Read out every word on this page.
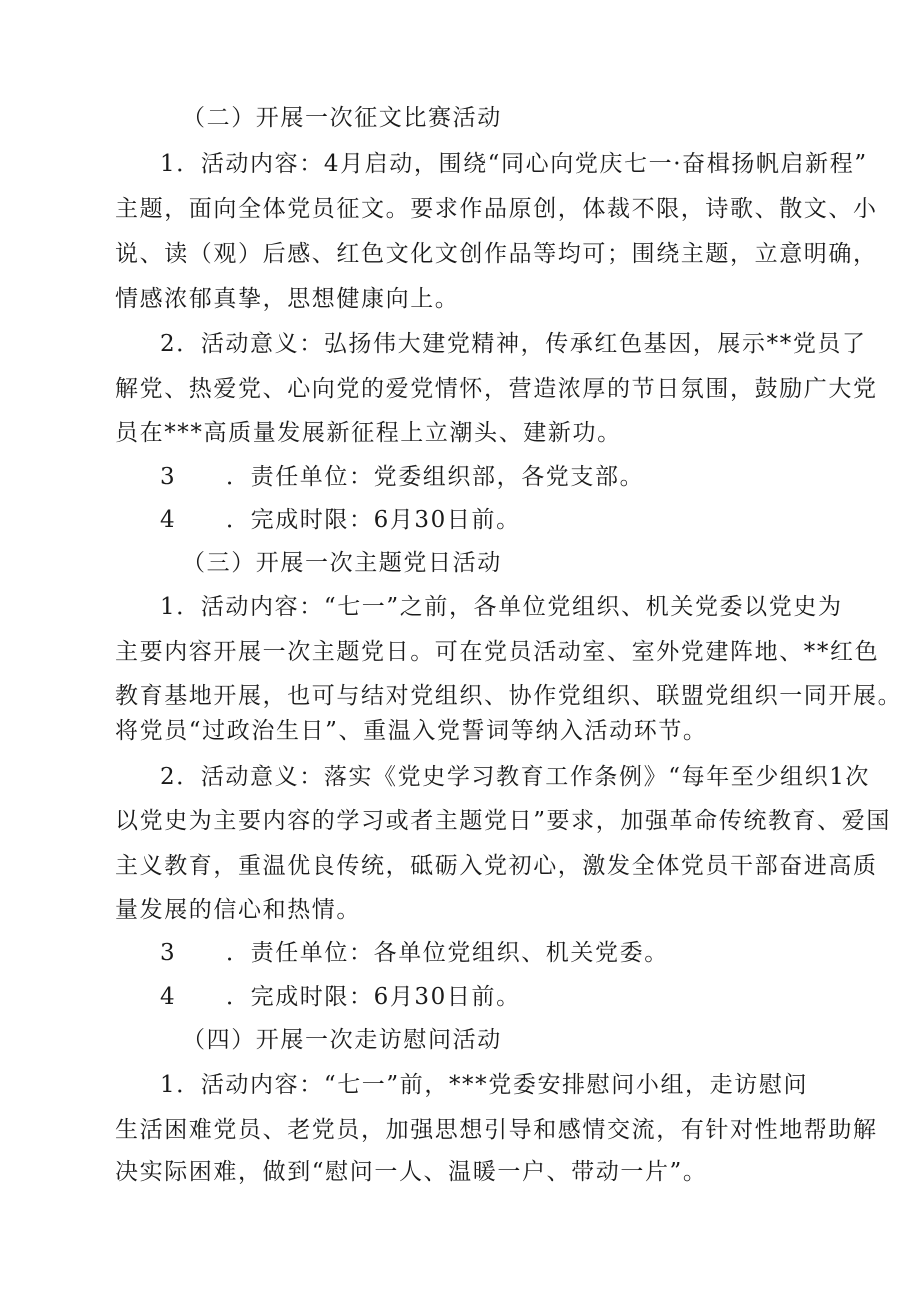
（二）开展一次征文比赛活动
1．活动内容：4月启动，围绕“同心向党庆七一·奋楫扬帆启新程”
主题，面向全体党员征文。要求作品原创，体裁不限，诗歌、散文、小
说、读（观）后感、红色文化文创作品等均可；围绕主题，立意明确，
情感浓郁真挚，思想健康向上。
2．活动意义：弘扬伟大建党精神，传承红色基因，展示**党员了
解党、热爱党、心向党的爱党情怀，营造浓厚的节日氛围，鼓励广大党
员在***高质量发展新征程上立潮头、建新功。
3 ．责任单位：党委组织部，各党支部。
4 ．完成时限：6月30日前。
（三）开展一次主题党日活动
1．活动内容：“七一”之前，各单位党组织、机关党委以党史为
主要内容开展一次主题党日。可在党员活动室、室外党建阵地、**红色
教育基地开展，也可与结对党组织、协作党组织、联盟党组织一同开展。
将党员“过政治生日”、重温入党誓词等纳入活动环节。
2．活动意义：落实《党史学习教育工作条例》“每年至少组织1次
以党史为主要内容的学习或者主题党日”要求，加强革命传统教育、爱国
主义教育，重温优良传统，砥砺入党初心，激发全体党员干部奋进高质
量发展的信心和热情。
3 ．责任单位：各单位党组织、机关党委。
4 ．完成时限：6月30日前。
（四）开展一次走访慰问活动
1．活动内容：“七一”前，***党委安排慰问小组，走访慰问
生活困难党员、老党员，加强思想引导和感情交流，有针对性地帮助解
决实际困难，做到“慰问一人、温暖一户、带动一片”。
